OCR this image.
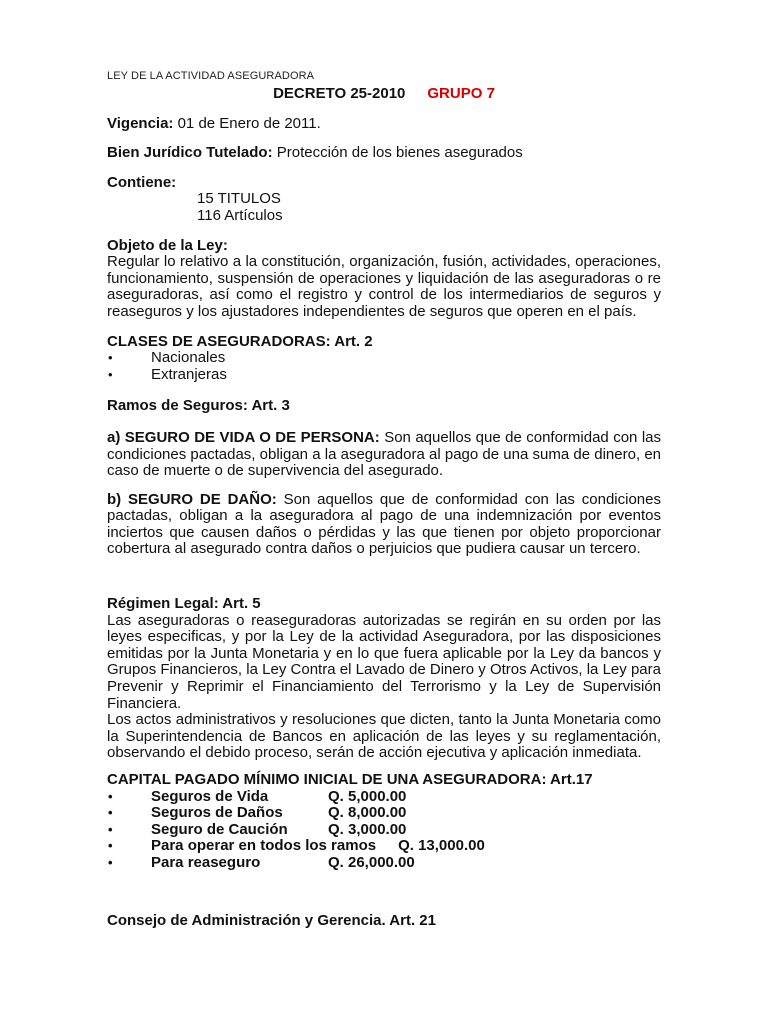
LEY DE LA ACTIVIDAD ASEGURADORA
DECRETO 25-2010 GRUPO 7

Vigencia: 01 de Enero de 2011.

Bien Jurídico Tutelado: Protección de los bienes asegurados

Contiene:

15 TITULOS

116 Artículos

Objeto de la Ley:

Regular lo relativo a la constitución, organización, fusión, actividades, operaciones, funcionamiento, suspensión de operaciones y liquidación de las aseguradoras o re aseguradoras, así como el registro y control de los intermediarios de seguros y reaseguros y los ajustadores independientes de seguros que operen en el país.

CLASES DE ASEGURADORAS: Art. 2

• Nacionales
• Extranjeras

Ramos de Seguros: Art. 3

a) SEGURO DE VIDA O DE PERSONA: Son aquellos que de conformidad con las condiciones pactadas, obligan a la aseguradora al pago de una suma de dinero, en caso de muerte o de supervivencia del asegurado.

b) SEGURO DE DAÑO: Son aquellos que de conformidad con las condiciones pactadas, obligan a la aseguradora al pago de una indemnización por eventos inciertos que causen daños o pérdidas y las que tienen por objeto proporcionar cobertura al asegurado contra daños o perjuicios que pudiera causar un tercero.

Régimen Legal: Art. 5

Las aseguradoras o reaseguradoras autorizadas se regirán en su orden por las leyes especificas, y por la Ley de la actividad Aseguradora, por las disposiciones emitidas por la Junta Monetaria y en lo que fuera aplicable por la Ley da bancos y Grupos Financieros, la Ley Contra el Lavado de Dinero y Otros Activos, la Ley para Prevenir y Reprimir el Financiamiento del Terrorismo y la Ley de Supervisión Financiera.

Los actos administrativos y resoluciones que dicten, tanto la Junta Monetaria como la Superintendencia de Bancos en aplicación de las leyes y su reglamentación, observando el debido proceso, serán de acción ejecutiva y aplicación inmediata.

CAPITAL PAGADO MÍNIMO INICIAL DE UNA ASEGURADORA: Art.17

• Seguros de Vida	Q. 5,000.00
• Seguros de Daños	Q. 8,000.00
• Seguro de Caución	Q. 3,000.00
• Para operar en todos los ramos Q. 13,000.00
• Para reaseguro	Q. 26,000.00

Consejo de Administración y Gerencia. Art. 21
